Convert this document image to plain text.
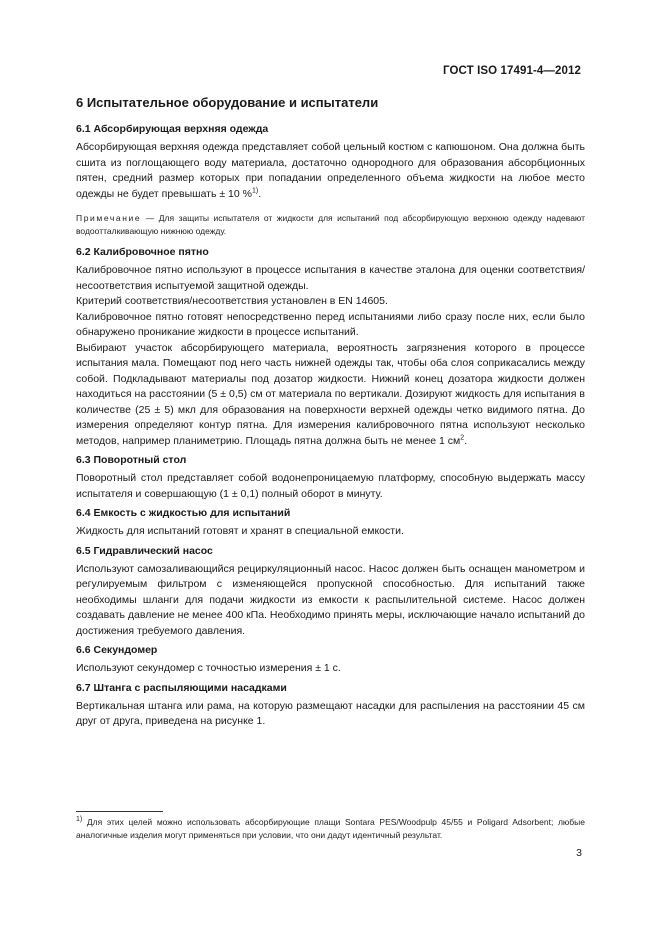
ГОСТ ISO 17491-4—2012
6 Испытательное оборудование и испытатели
6.1 Абсорбирующая верхняя одежда

Абсорбирующая верхняя одежда представляет собой цельный костюм с капюшоном. Она должна быть сшита из поглощающего воду материала, достаточно однородного для образования абсорбционных пятен, средний размер которых при попадании определенного объема жидкости на любое место одежды не будет превышать ± 10 %$^{1)}$.

Примечание — Для защиты испытателя от жидкости для испытаний под абсорбирующую верхнюю одежду надевают водоотталкивающую нижнюю одежду.
6.2 Калибровочное пятно

Калибровочное пятно используют в процессе испытания в качестве эталона для оценки соответствия/несоответствия испытуемой защитной одежды.

Критерий соответствия/несоответствия установлен в EN 14605.

Калибровочное пятно готовят непосредственно перед испытаниями либо сразу после них, если было обнаружено проникание жидкости в процессе испытаний.

Выбирают участок абсорбирующего материала, вероятность загрязнения которого в процессе испытания мала. Помещают под него часть нижней одежды так, чтобы оба слоя соприкасались между собой. Подкладывают материалы под дозатор жидкости. Нижний конец дозатора жидкости должен находиться на расстоянии (5 ± 0,5) см от материала по вертикали. Дозируют жидкость для испытания в количестве (25 ± 5) мкл для образования на поверхности верхней одежды четко видимого пятна. До измерения определяют контур пятна. Для измерения калибровочного пятна используют несколько методов, например планиметрию. Площадь пятна должна быть не менее 1 $см^2$.

6.3 Поворотный стол

Поворотный стол представляет собой водонепроницаемую платформу, способную выдержать массу испытателя и совершающую (1 ± 0,1) полный оборот в минуту.

6.4 Емкость с жидкостью для испытаний

Жидкость для испытаний готовят и хранят в специальной емкости.

6.5 Гидравлический насос

Используют самозаливающийся рециркуляционный насос. Насос должен быть оснащен манометром и регулируемым фильтром с изменяющейся пропускной способностью. Для испытаний также необходимы шланги для подачи жидкости из емкости к распылительной системе. Насос должен создавать давление не менее 400 кПа. Необходимо принять меры, исключающие начало испытаний до достижения требуемого давления.

6.6 Секундомер

Используют секундомер с точностью измерения ± 1 с.

6.7 Штанга с распыляющими насадками

Вертикальная штанга или рама, на которую размещают насадки для распыления на расстоянии 45 см друг от друга, приведена на рисунке 1.

$^{1)}$ Для этих целей можно использовать абсорбирующие плащи Sontara PES/Woodpulp 45/55 и Poligard Adsorbent; любые аналогичные изделия могут применяться при условии, что они дадут идентичный результат.
3
